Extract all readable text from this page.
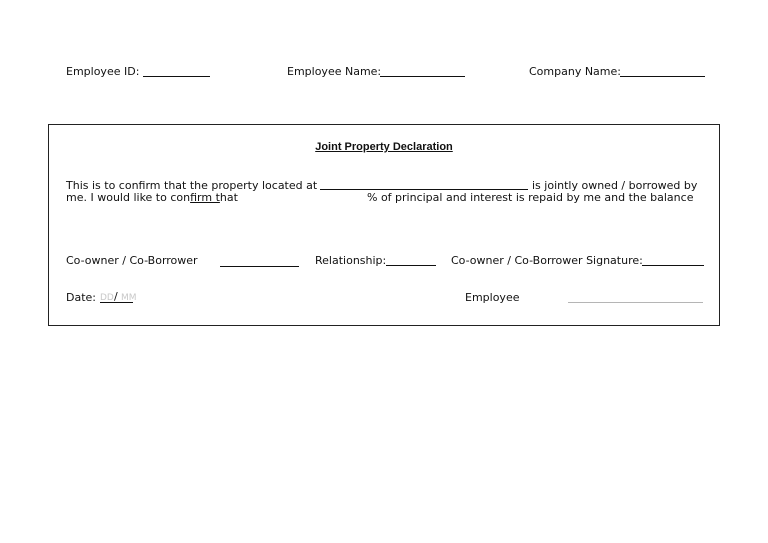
Employee ID:	Employee Name:	Company Name:
Joint Property Declaration
This is to confirm that the property located at	is jointly owned / borrowed by
me. I would like to confirm that	% of principal and interest is repaid by me and the balance
Co-owner / Co-Borrower	Relationship:	Co-owner / Co-Borrower Signature:
Date: DD / MM	Employee
